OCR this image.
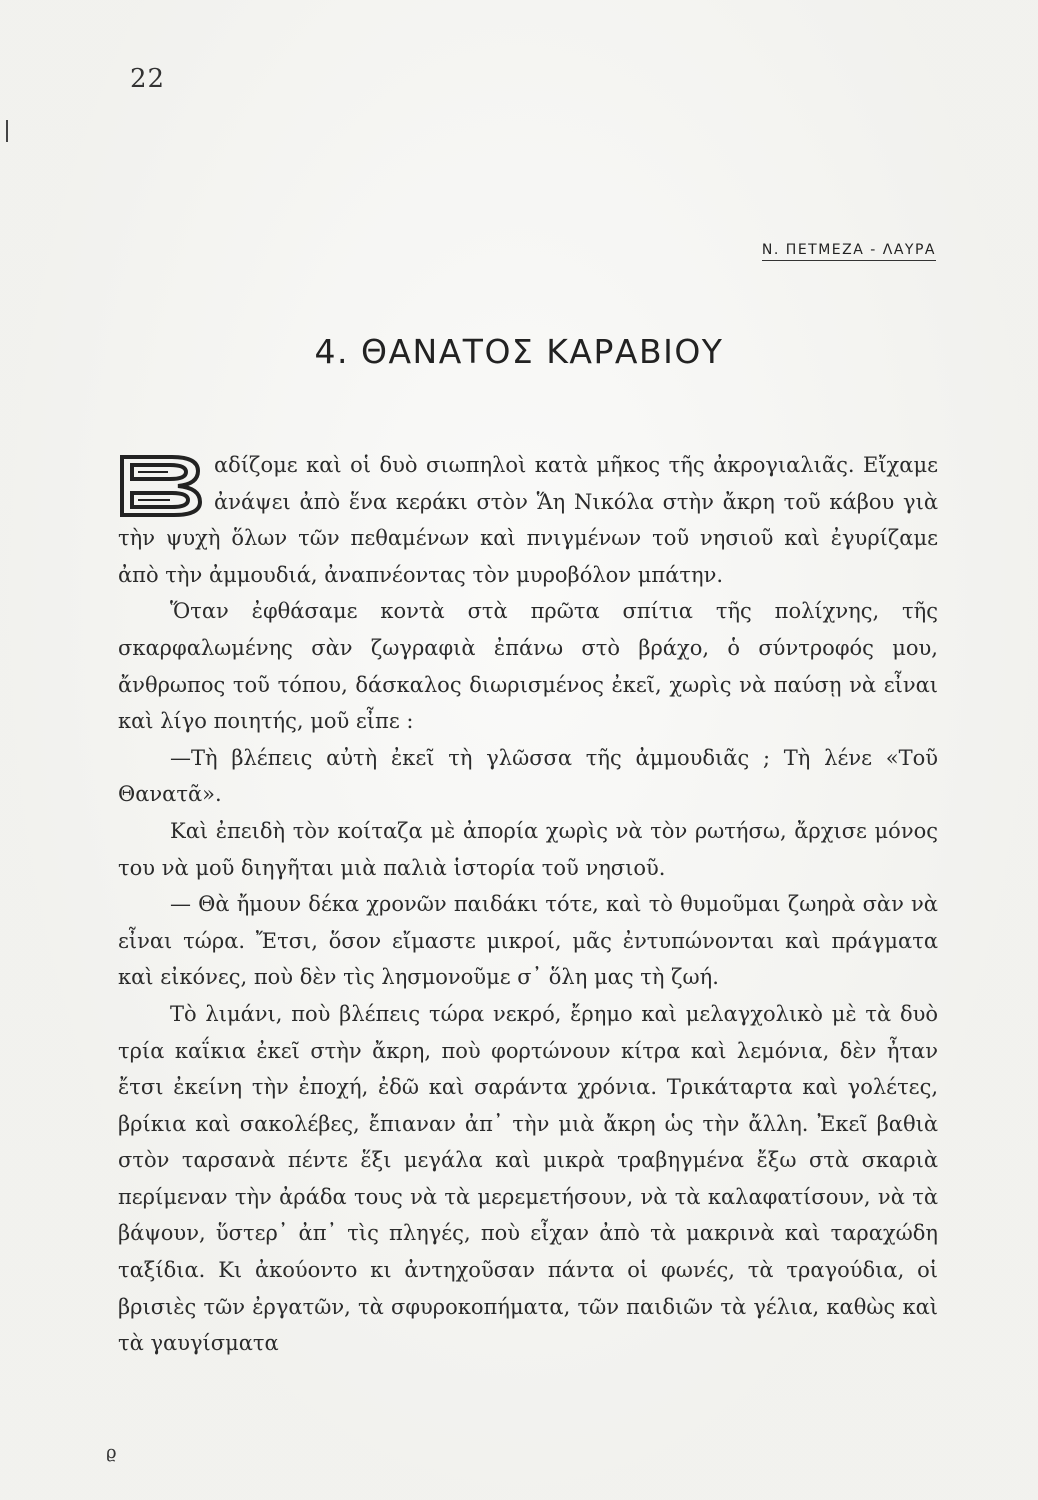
22
Ν. ΠΕΤΜΕΖΑ - ΛΑΥΡΑ
4. ΘΑΝΑΤΟΣ ΚΑΡΑΒΙΟΥ

αδίζομε καὶ οἱ δυὸ σιωπηλοὶ κατὰ μῆκος τῆς ἀκρογιαλιᾶς. Εἴχαμε ἀνάψει ἀπὸ ἕνα κεράκι στὸν Ἅη Νικόλα στὴν ἄκρη τοῦ κάβου γιὰ τὴν ψυχὴ ὅλων τῶν πεθαμένων καὶ πνιγμένων τοῦ νησιοῦ καὶ ἐγυρίζαμε ἀπὸ τὴν ἀμμουδιά, ἀναπνέοντας τὸν μυροβόλον μπάτην.

Ὅταν ἐφθάσαμε κοντὰ στὰ πρῶτα σπίτια τῆς πολίχνης, τῆς σκαρφαλωμένης σὰν ζωγραφιὰ ἐπάνω στὸ βράχο, ὁ σύντροφός μου, ἄνθρωπος τοῦ τόπου, δάσκαλος διωρισμένος ἐκεῖ, χωρὶς νὰ παύσῃ νὰ εἶναι καὶ λίγο ποιητής, μοῦ εἶπε :

—Τὴ βλέπεις αὐτὴ ἐκεῖ τὴ γλῶσσα τῆς ἀμμουδιᾶς ; Τὴ λένε «Τοῦ Θανατᾶ».

Καὶ ἐπειδὴ τὸν κοίταζα μὲ ἀπορία χωρὶς νὰ τὸν ρωτήσω, ἄρχισε μόνος του νὰ μοῦ διηγῆται μιὰ παλιὰ ἱστορία τοῦ νησιοῦ.

— Θὰ ἤμουν δέκα χρονῶν παιδάκι τότε, καὶ τὸ θυμοῦμαι ζωηρὰ σὰν νὰ εἶναι τώρα. Ἔτσι, ὅσον εἴμαστε μικροί, μᾶς ἐντυπώνονται καὶ πράγματα καὶ εἰκόνες, ποὺ δὲν τὶς λησμονοῦμε σ᾿ ὅλη μας τὴ ζωή.

Τὸ λιμάνι, ποὺ βλέπεις τώρα νεκρό, ἔρημο καὶ μελαγχολικὸ μὲ τὰ δυὸ τρία καΐκια ἐκεῖ στὴν ἄκρη, ποὺ φορτώνουν κίτρα καὶ λεμόνια, δὲν ἦταν ἔτσι ἐκείνη τὴν ἐποχή, ἐδῶ καὶ σαράντα χρόνια. Τρικάταρτα καὶ γολέτες, βρίκια καὶ σακολέβες, ἔπιαναν ἀπ᾿ τὴν μιὰ ἄκρη ὡς τὴν ἄλλη. Ἐκεῖ βαθιὰ στὸν ταρσανὰ πέντε ἕξι μεγάλα καὶ μικρὰ τραβηγμένα ἔξω στὰ σκαριὰ περίμεναν τὴν ἀράδα τους νὰ τὰ μερεμετήσουν, νὰ τὰ καλαφατίσουν, νὰ τὰ βάψουν, ὕστερ᾿ ἀπ᾿ τὶς πληγές, ποὺ εἶχαν ἀπὸ τὰ μακρινὰ καὶ ταραχώδη ταξίδια. Κι ἀκούοντο κι ἀντηχοῦσαν πάντα οἱ φωνές, τὰ τραγούδια, οἱ βρισιὲς τῶν ἐργατῶν, τὰ σφυροκοπήματα, τῶν παιδιῶν τὰ γέλια, καθὼς καὶ τὰ γαυγίσματα

ϱ
